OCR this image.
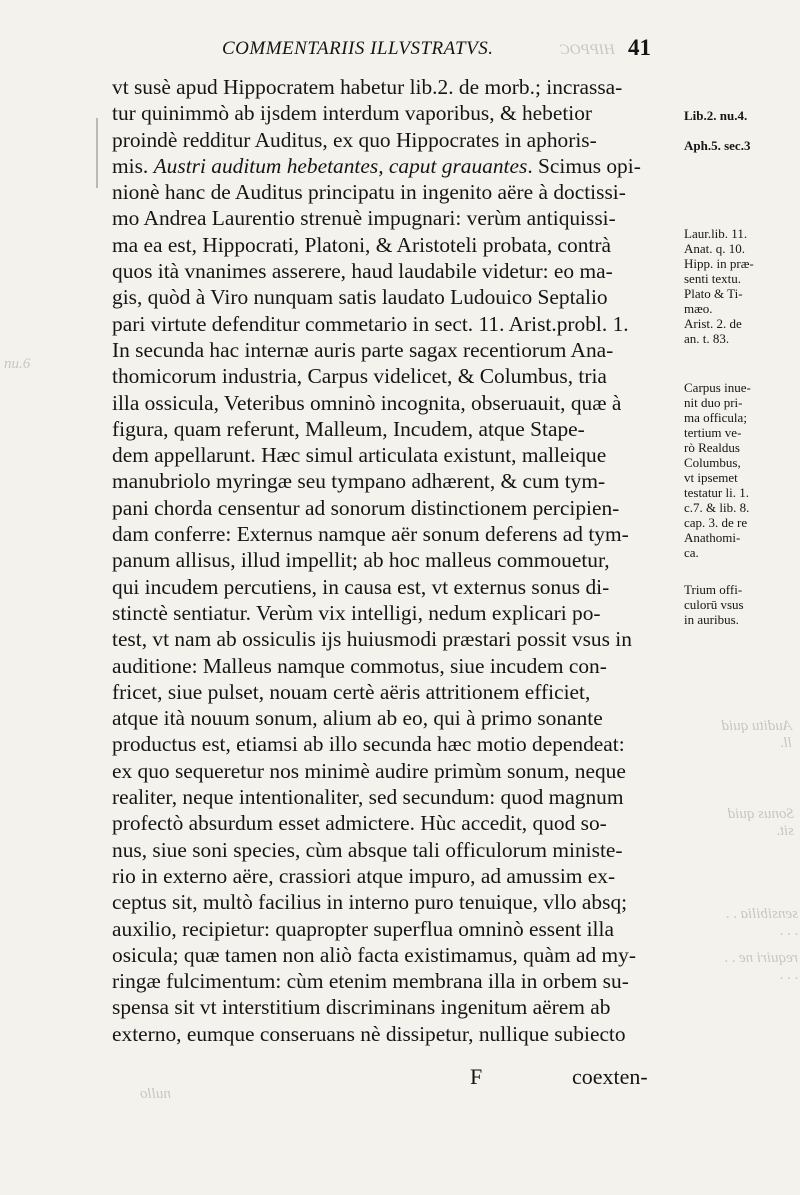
HIPPOC
nu.6
Auditu quid ll.
Sonus quid sit.
sensibilia . . . . .
requiri ne . . . . .
nullo
COMMENTARIIS ILLVSTRATVS.	41
vt susè apud Hippocratem habetur lib.2. de morb.; incrassa-
tur quinimmò ab ijsdem interdum vaporibus, & hebetior
proindè redditur Auditus, ex quo Hippocrates in aphoris-
mis. Austri auditum hebetantes, caput grauantes. Scimus opi-
nionè hanc de Auditus principatu in ingenito aëre à doctissi-
mo Andrea Laurentio strenuè impugnari: verùm antiquissi-
ma ea est, Hippocrati, Platoni, & Aristoteli probata, contrà
quos ità vnanimes asserere, haud laudabile videtur: eo ma-
gis, quòd à Viro nunquam satis laudato Ludouico Septalio
pari virtute defenditur commetario in sect. 11. Arist.probl. 1.
In secunda hac internæ auris parte sagax recentiorum Ana-
thomicorum industria, Carpus videlicet, & Columbus, tria
illa ossicula, Veteribus omninò incognita, obseruauit, quæ à
figura, quam referunt, Malleum, Incudem, atque Stape-
dem appellarunt. Hæc simul articulata existunt, malleique
manubriolo myringæ seu tympano adhærent, & cum tym-
pani chorda censentur ad sonorum distinctionem percipien-
dam conferre: Externus namque aër sonum deferens ad tym-
panum allisus, illud impellit; ab hoc malleus commouetur,
qui incudem percutiens, in causa est, vt externus sonus di-
stinctè sentiatur. Verùm vix intelligi, nedum explicari po-
test, vt nam ab ossiculis ijs huiusmodi præstari possit vsus in
auditione: Malleus namque commotus, siue incudem con-
fricet, siue pulset, nouam certè aëris attritionem efficiet,
atque ità nouum sonum, alium ab eo, qui à primo sonante
productus est, etiamsi ab illo secunda hæc motio dependeat:
ex quo sequeretur nos minimè audire primùm sonum, neque
realiter, neque intentionaliter, sed secundum: quod magnum
profectò absurdum esset admictere. Hùc accedit, quod so-
nus, siue soni species, cùm absque tali officulorum ministe-
rio in externo aëre, crassiori atque impuro, ad amussim ex-
ceptus sit, multò facilius in interno puro tenuique, vllo absq;
auxilio, recipietur: quapropter superflua omninò essent illa
osicula; quæ tamen non aliò facta existimamus, quàm ad my-
ringæ fulcimentum: cùm etenim membrana illa in orbem su-
spensa sit vt interstitium discriminans ingenitum aërem ab
externo, eumque conseruans nè dissipetur, nullique subiecto
F	coexten-
Lib.2. nu.4.
Aph.5. sec.3
Laur.lib. 11.
Anat. q. 10.
Hipp. in præ-
senti textu.
Plato & Ti-
mæo.
Arist. 2. de
an. t. 83.
Carpus inue-
nit duo pri-
ma officula;
tertium ve-
rò Realdus
Columbus,
vt ipsemet
testatur li. 1.
c.7. & lib. 8.
cap. 3. de re
Anathomi-
ca.
Trium offi-
culorū vsus
in auribus.
